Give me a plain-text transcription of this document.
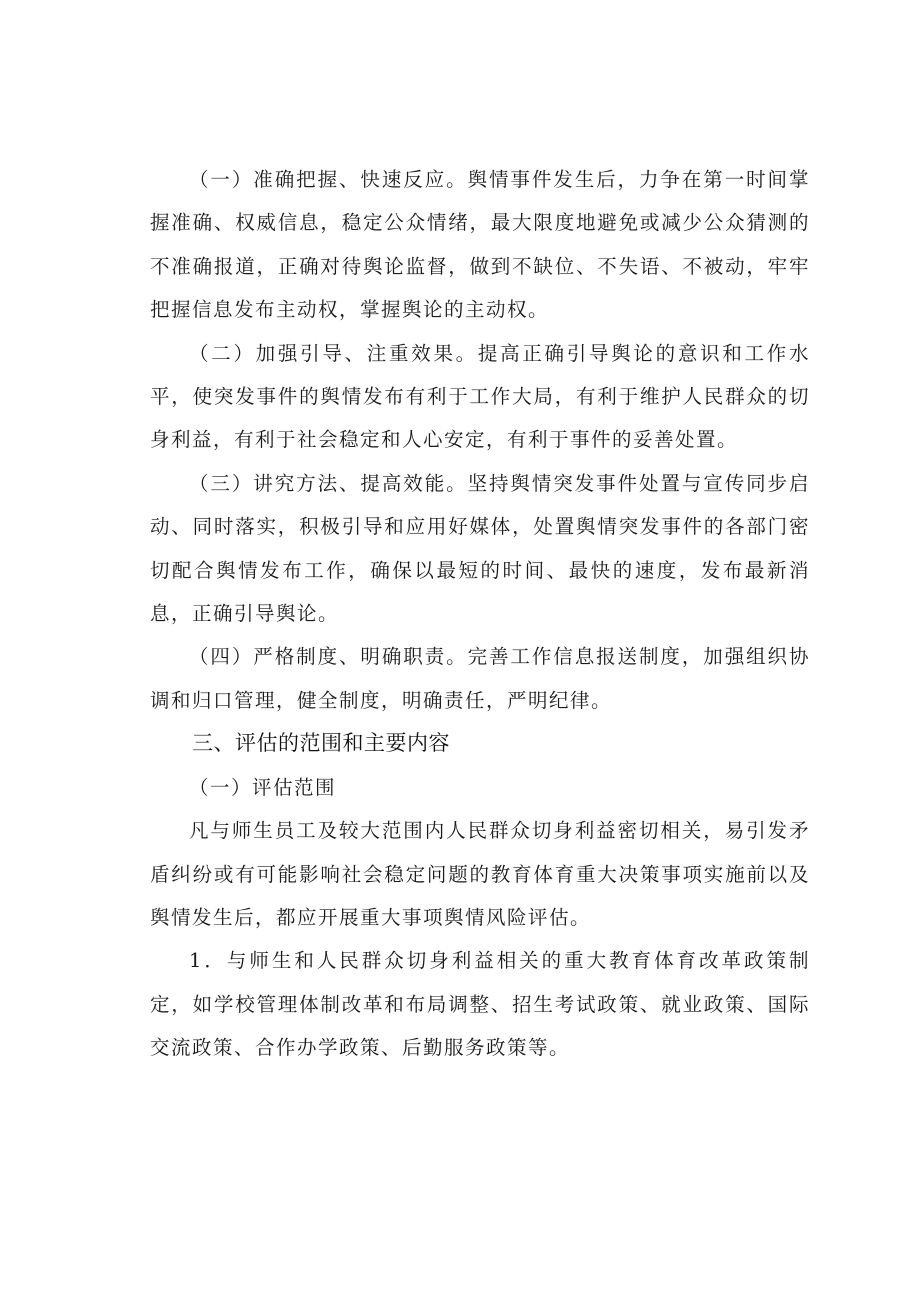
（一）准确把握、快速反应。舆情事件发生后，力争在第一时间掌握准确、权威信息，稳定公众情绪，最大限度地避免或减少公众猜测的不准确报道，正确对待舆论监督，做到不缺位、不失语、不被动，牢牢把握信息发布主动权，掌握舆论的主动权。

（二）加强引导、注重效果。提高正确引导舆论的意识和工作水平，使突发事件的舆情发布有利于工作大局，有利于维护人民群众的切身利益，有利于社会稳定和人心安定，有利于事件的妥善处置。

（三）讲究方法、提高效能。坚持舆情突发事件处置与宣传同步启动、同时落实，积极引导和应用好媒体，处置舆情突发事件的各部门密切配合舆情发布工作，确保以最短的时间、最快的速度，发布最新消息，正确引导舆论。

（四）严格制度、明确职责。完善工作信息报送制度，加强组织协调和归口管理，健全制度，明确责任，严明纪律。

三、评估的范围和主要内容

（一）评估范围

凡与师生员工及较大范围内人民群众切身利益密切相关，易引发矛盾纠纷或有可能影响社会稳定问题的教育体育重大决策事项实施前以及舆情发生后，都应开展重大事项舆情风险评估。

1．与师生和人民群众切身利益相关的重大教育体育改革政策制定，如学校管理体制改革和布局调整、招生考试政策、就业政策、国际交流政策、合作办学政策、后勤服务政策等。
